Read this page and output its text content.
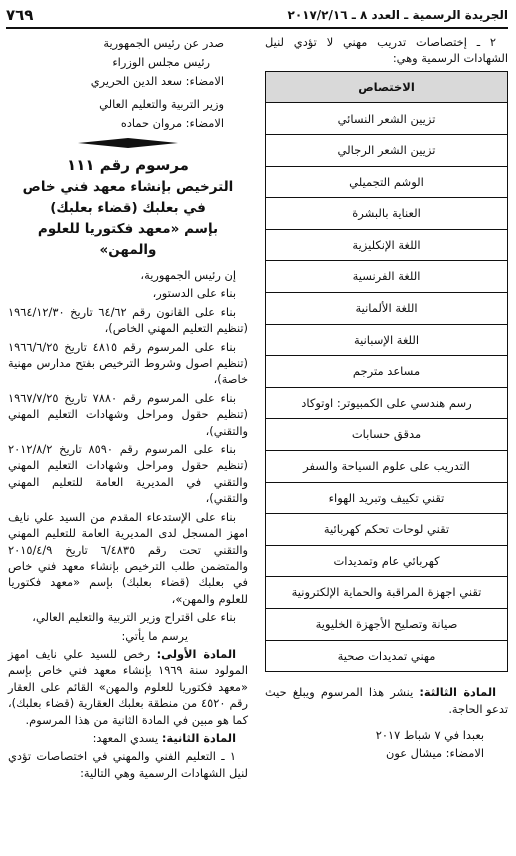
الجريدة الرسمية ـ العدد ٨ ـ ٢٠١٧/٢/١٦
٧٦٩

٢ ـ إختصاصات تدريب مهني لا تؤدي لنيل الشهادات الرسمية وهي:

الاختصاص
تزيين الشعر النسائي
تزيين الشعر الرجالي
الوشم التجميلي
العناية بالبشرة
اللغة الإنكليزية
اللغة الفرنسية
اللغة الألمانية
اللغة الإسبانية
مساعد مترجم
رسم هندسي على الكمبيوتر: اوتوكاد
مدقق حسابات
التدريب على علوم السياحة والسفر
تقني تكييف وتبريد الهواء
تقني لوحات تحكم كهربائية
كهربائي عام وتمديدات
تقني اجهزة المراقبة والحماية الإلكترونية
صيانة وتصليح الأجهزة الخليوية
مهني تمديدات صحية

المادة الثالثة: ينشر هذا المرسوم ويبلغ حيث تدعو الحاجة.

بعبدا في ٧ شباط ٢٠١٧

الامضاء: ميشال عون

صدر عن رئيس الجمهورية

رئيس مجلس الوزراء

الامضاء: سعد الدين الحريري

وزير التربية والتعليم العالي

الامضاء: مروان حماده

مرسوم رقم ١١١

الترخيص بإنشاء معهد فني خاص

في بعلبك (قضاء بعلبك)

بإسم «معهد فكتوريا للعلوم والمهن»

إن رئيس الجمهورية،

بناء على الدستور،

بناء على القانون رقم ٦٤/٦٢ تاريخ ١٩٦٤/١٢/٣٠ (تنظيم التعليم المهني الخاص)،

بناء على المرسوم رقم ٤٨١٥ تاريخ ١٩٦٦/٦/٢٥ (تنظيم اصول وشروط الترخيص بفتح مدارس مهنية خاصة)،

بناء على المرسوم رقم ٧٨٨٠ تاريخ ١٩٦٧/٧/٢٥ (تنظيم حقول ومراحل وشهادات التعليم المهني والتقني)،

بناء على المرسوم رقم ٨٥٩٠ تاريخ ٢٠١٢/٨/٢ (تنظيم حقول ومراحل وشهادات التعليم المهني والتقني في المديرية العامة للتعليم المهني والتقني)،

بناء على الإستدعاء المقدم من السيد علي نايف امهز المسجل لدى المديرية العامة للتعليم المهني والتقني تحت رقم ٦/٤٨٣٥ تاريخ ٢٠١٥/٤/٩ والمتضمن طلب الترخيص بإنشاء معهد فني خاص في بعلبك (قضاء بعلبك) بإسم «معهد فكتوريا للعلوم والمهن»،

بناء على اقتراح وزير التربية والتعليم العالي،

يرسم ما يأتي:

المادة الأولى: رخص للسيد علي نايف امهز المولود سنة ١٩٦٩ بإنشاء معهد فني خاص بإسم «معهد فكتوريا للعلوم والمهن» القائم على العقار رقم ٤٥٢٠ من منطقة بعلبك العقارية (قضاء بعلبك)، كما هو مبين في المادة الثانية من هذا المرسوم.

المادة الثانية: يسدي المعهد:

١ ـ التعليم الفني والمهني في اختصاصات تؤدي لنيل الشهادات الرسمية وهي التالية:
